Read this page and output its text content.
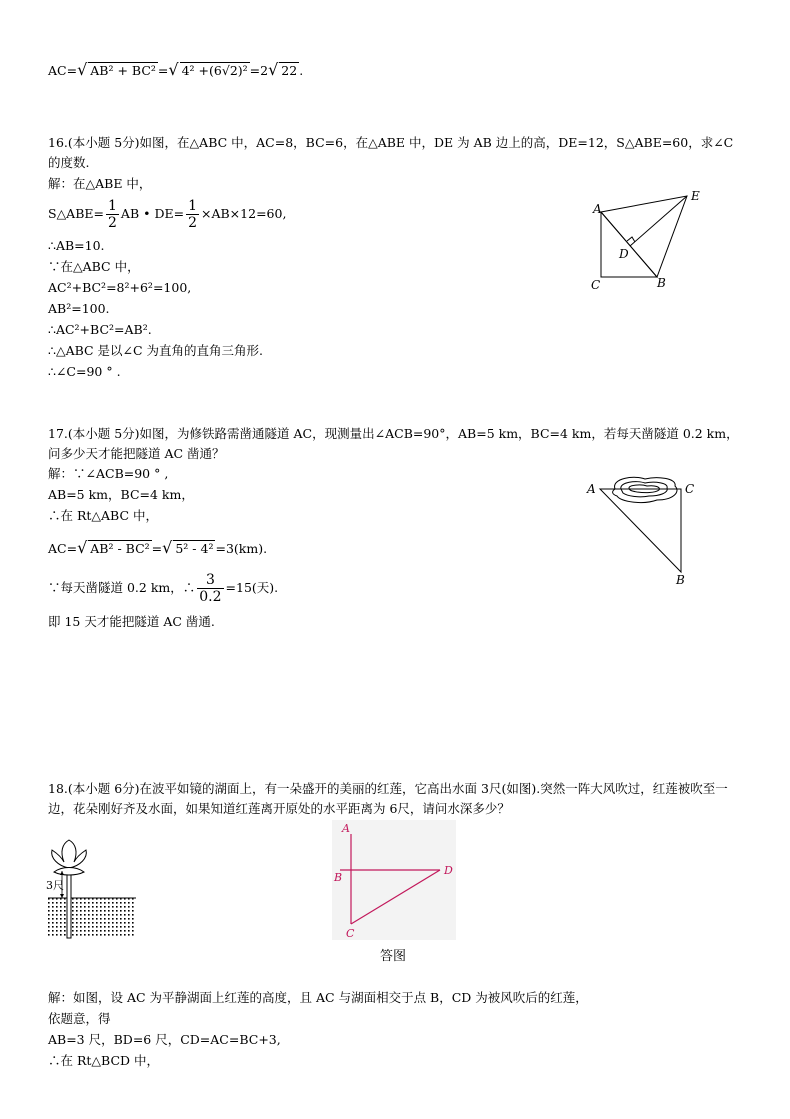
AC=√ AB² + BC² =√ 4² +(6√2)² =2√ 22 .
16.(本小题 5分)如图，在△ABC 中，AC=8，BC=6，在△ABE 中，DE 为 AB 边上的高，DE=12，S△ABE=60，求∠C 的度数.
解：在△ABE 中，
S△ABE= $\frac{1}{2}$ AB • $DE= \frac{1}{2} \times AB\times 12=60$,
∴AB=10.
∵在△ABC 中，
AC²+BC²=8²+6²=100,
AB²=100.
∴AC²+BC²=AB².
∴△ABC 是以∠C 为直角的直角三角形.
∴∠C=90 ° .
A
E
D
C	B
17.(本小题 5分)如图，为修铁路需凿通隧道 AC，现测量出∠ACB=90°，AB=5 km，BC=4 km，若每天凿隧道 0.2 km，问多少天才能把隧道 AC 凿通？
解：∵∠ACB=90 ° ,
AB=5 km，BC=4 km，
∴在 Rt△ABC 中，
AC=√ AB² - BC² =√ 5² - 4² =3(km).
∵每天凿隧道 0.2 km，∴ $\frac{3}{0.2} =15$(天).
即 15 天才能把隧道 AC 凿通.
A	C
B
18.(本小题 6分)在波平如镜的湖面上，有一朵盛开的美丽的红莲，它高出水面 3尺(如图).突然一阵大风吹过，红莲被吹至一边，花朵刚好齐及水面，如果知道红莲离开原处的水平距离为 6尺，请问水深多少？
3尺
A
B
D
C
答图
解：如图，设 AC 为平静湖面上红莲的高度，且 AC 与湖面相交于点 B，CD 为被风吹后的红莲，
依题意，得
AB=3 尺，BD=6 尺，CD=AC=BC+3,
∴在 Rt△BCD 中，
